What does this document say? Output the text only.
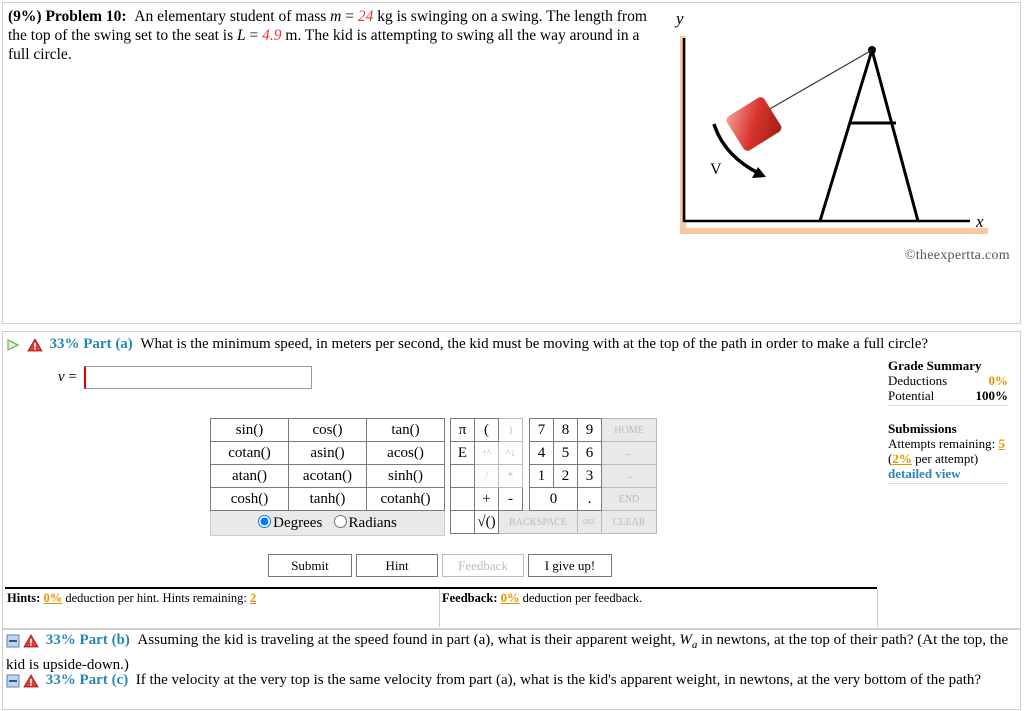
(9%) Problem 10: An elementary student of mass m = 24 kg is swinging on a swing. The length from the top of the swing set to the seat is L = 4.9 m. The kid is attempting to swing all the way around in a full circle.
y
x
V
©theexpertta.com
33% Part (a) What is the minimum speed, in meters per second, the kid must be moving with at the top of the path in order to make a full circle?
v =
Grade Summary
Deductions	0%
Potential	100%
Submissions
Attempts remaining: 5
(2% per attempt)
detailed view
sin()	cos()	tan()
cotan()	asin()	acos()
atan()	acotan()	sinh()
cosh()	tanh()	cotanh()
Degrees Radians		
π	(	)		7	8	9	HOME
E	↑^	^↓		4	5	6	←
	/	*		1	2	3	→
	+	-		0		.	END
	√()	BACKSPACE				DEL	CLEAR
Submit	Hint	Feedback	I give up!
Hints: 0% deduction per hint. Hints remaining: 2	Feedback: 0% deduction per feedback.
33% Part (b) Assuming the kid is traveling at the speed found in part (a), what is their apparent weight, $W_a$ in newtons, at the top of their path? (At the top, the kid is upside-down.)
33% Part (c) If the velocity at the very top is the same velocity from part (a), what is the kid's apparent weight, in newtons, at the very bottom of the path?
